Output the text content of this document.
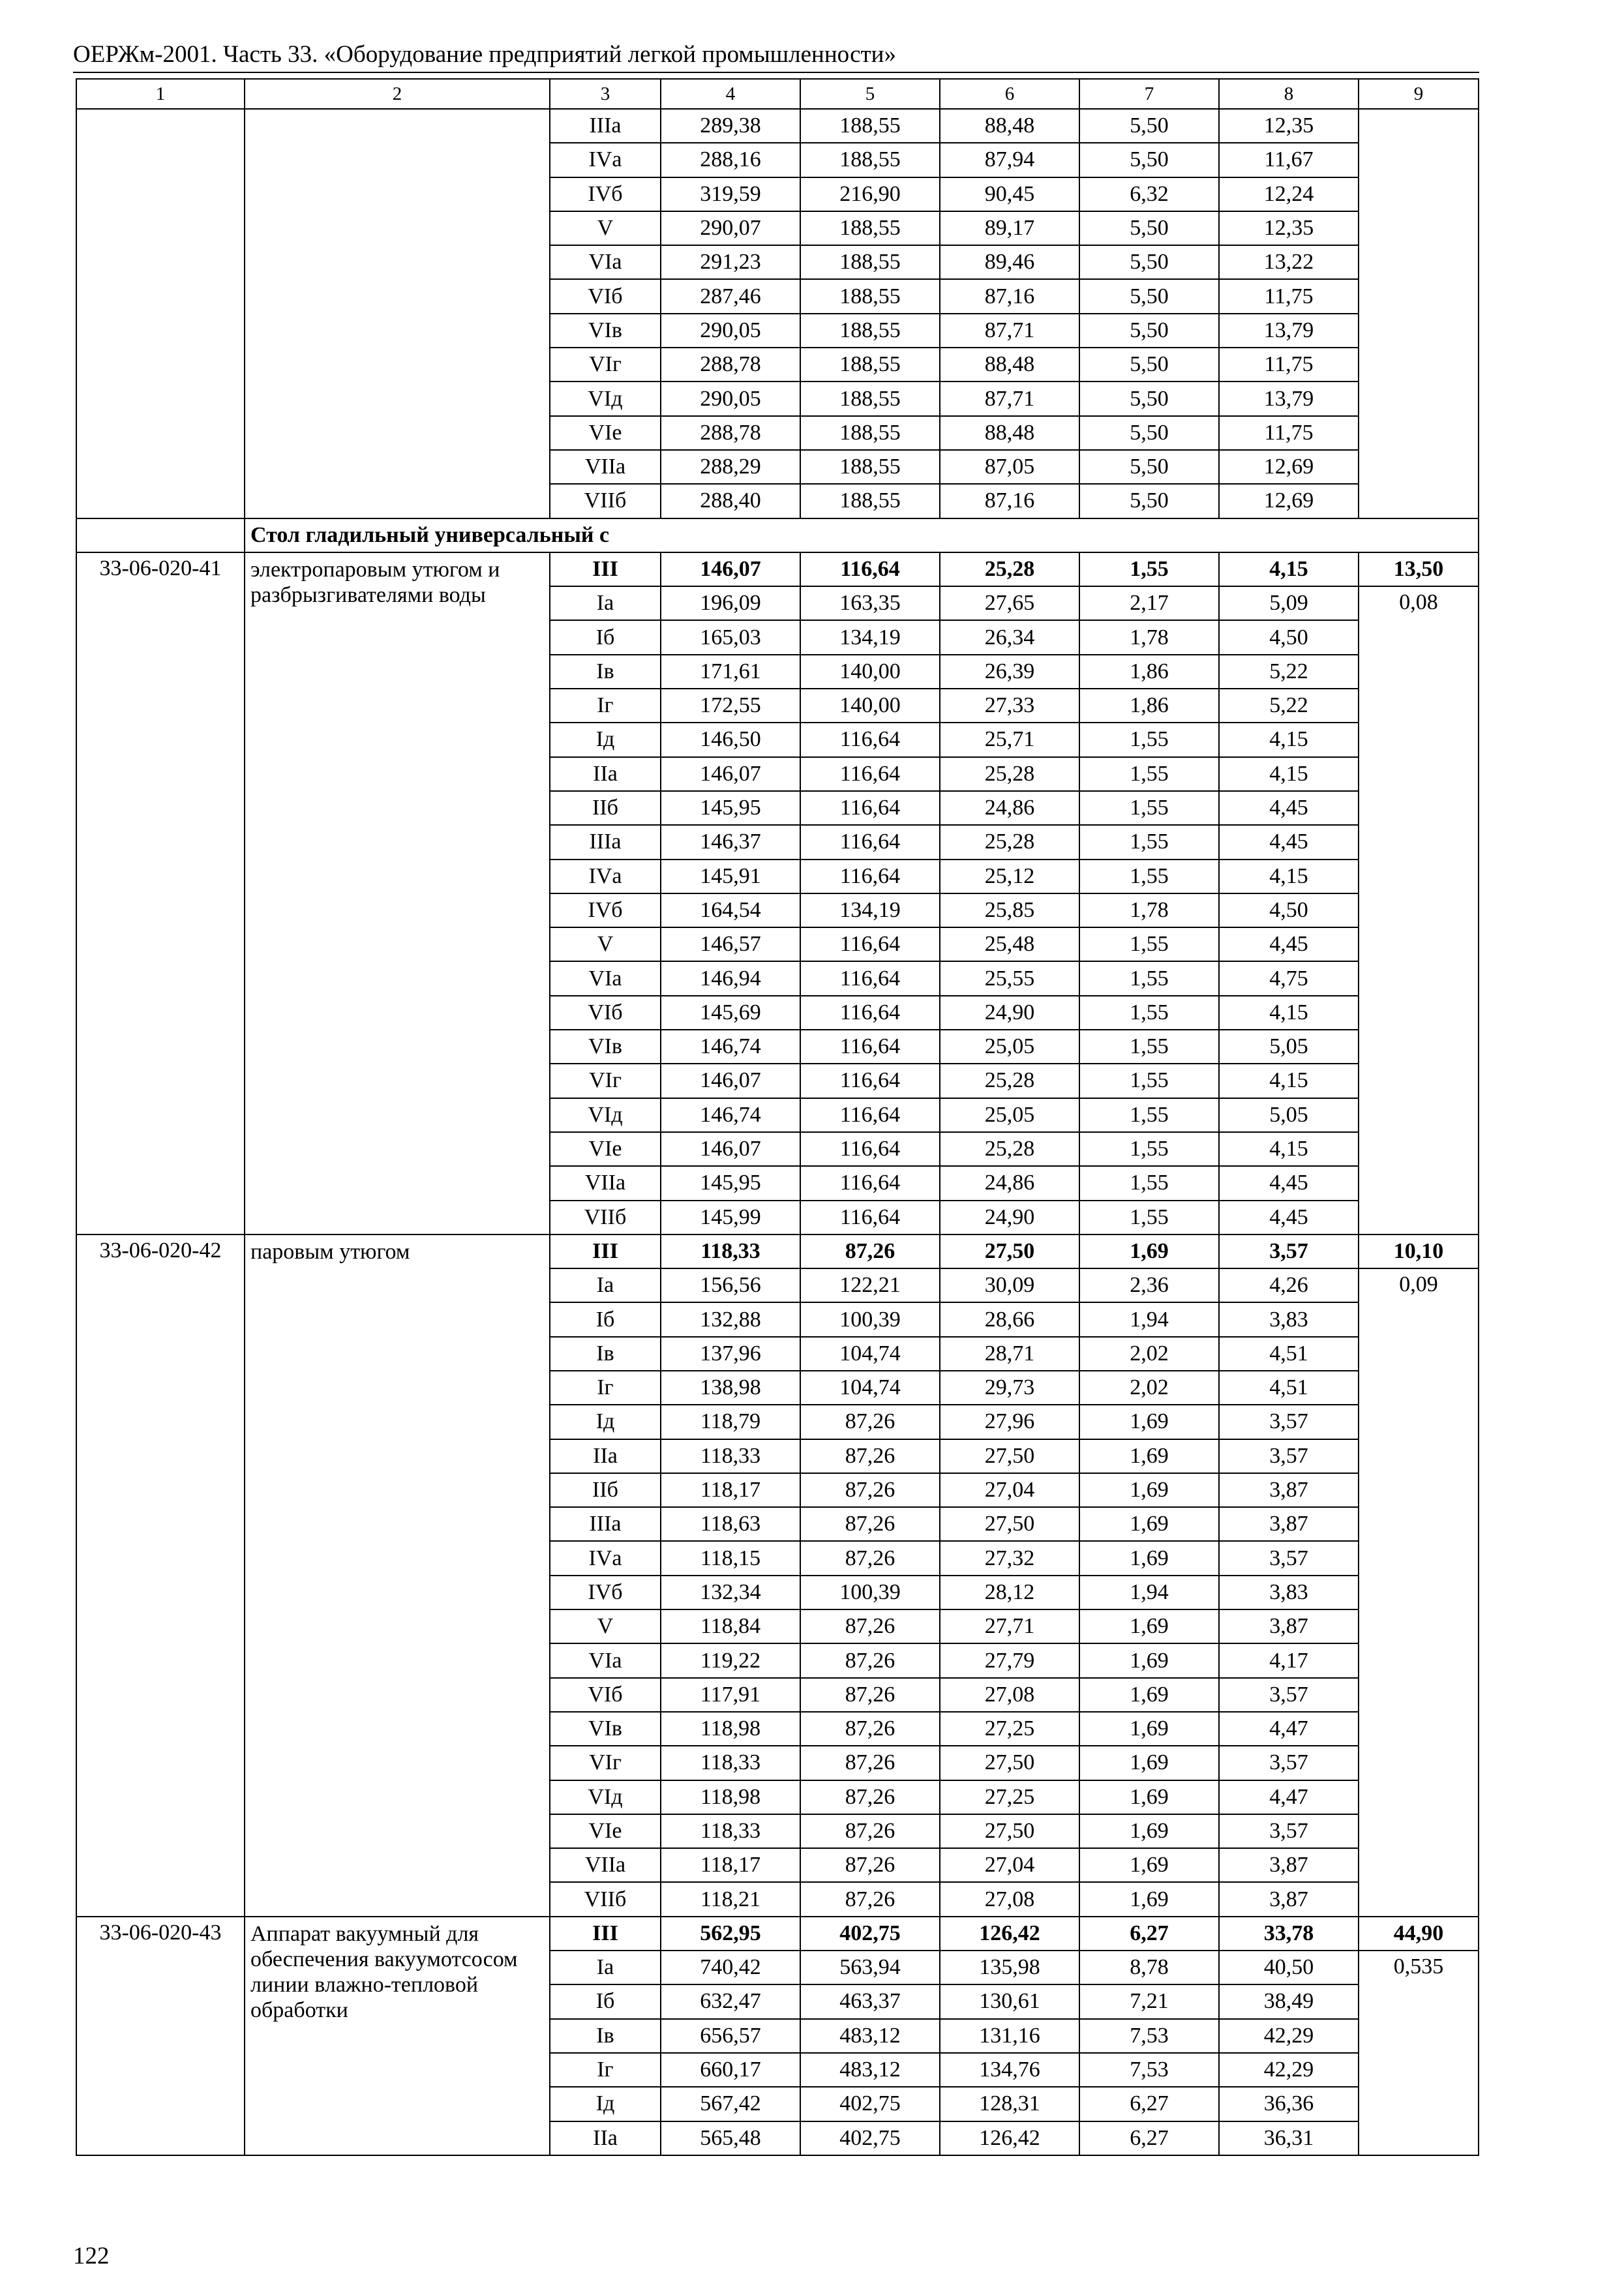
ОЕРЖм-2001. Часть 33. «Оборудование предприятий легкой промышленности»
1	2	3	4	5	6	7	8	9
		IIIа	289,38	188,55	88,48	5,50	12,35	
		IVа	288,16	188,55	87,94	5,50	11,67	
		IVб	319,59	216,90	90,45	6,32	12,24	
		V	290,07	188,55	89,17	5,50	12,35	
		VIа	291,23	188,55	89,46	5,50	13,22	
		VIб	287,46	188,55	87,16	5,50	11,75	
		VIв	290,05	188,55	87,71	5,50	13,79	
		VIг	288,78	188,55	88,48	5,50	11,75	
		VIд	290,05	188,55	87,71	5,50	13,79	
		VIе	288,78	188,55	88,48	5,50	11,75	
		VIIа	288,29	188,55	87,05	5,50	12,69	
		VIIб	288,40	188,55	87,16	5,50	12,69	
	Стол гладильный универсальный с							
33-06-020-41	электропаровым утюгом и разбрызгивателями воды	III	146,07	116,64	25,28	1,55	4,15	13,50
		Iа	196,09	163,35	27,65	2,17	5,09	0,08
		Iб	165,03	134,19	26,34	1,78	4,50	
		Iв	171,61	140,00	26,39	1,86	5,22	
		Iг	172,55	140,00	27,33	1,86	5,22	
		Iд	146,50	116,64	25,71	1,55	4,15	
		IIа	146,07	116,64	25,28	1,55	4,15	
		IIб	145,95	116,64	24,86	1,55	4,45	
		IIIа	146,37	116,64	25,28	1,55	4,45	
		IVа	145,91	116,64	25,12	1,55	4,15	
		IVб	164,54	134,19	25,85	1,78	4,50	
		V	146,57	116,64	25,48	1,55	4,45	
		VIа	146,94	116,64	25,55	1,55	4,75	
		VIб	145,69	116,64	24,90	1,55	4,15	
		VIв	146,74	116,64	25,05	1,55	5,05	
		VIг	146,07	116,64	25,28	1,55	4,15	
		VIд	146,74	116,64	25,05	1,55	5,05	
		VIе	146,07	116,64	25,28	1,55	4,15	
		VIIа	145,95	116,64	24,86	1,55	4,45	
		VIIб	145,99	116,64	24,90	1,55	4,45	
33-06-020-42	паровым утюгом	III	118,33	87,26	27,50	1,69	3,57	10,10
		Iа	156,56	122,21	30,09	2,36	4,26	0,09
		Iб	132,88	100,39	28,66	1,94	3,83	
		Iв	137,96	104,74	28,71	2,02	4,51	
		Iг	138,98	104,74	29,73	2,02	4,51	
		Iд	118,79	87,26	27,96	1,69	3,57	
		IIа	118,33	87,26	27,50	1,69	3,57	
		IIб	118,17	87,26	27,04	1,69	3,87	
		IIIа	118,63	87,26	27,50	1,69	3,87	
		IVа	118,15	87,26	27,32	1,69	3,57	
		IVб	132,34	100,39	28,12	1,94	3,83	
		V	118,84	87,26	27,71	1,69	3,87	
		VIа	119,22	87,26	27,79	1,69	4,17	
		VIб	117,91	87,26	27,08	1,69	3,57	
		VIв	118,98	87,26	27,25	1,69	4,47	
		VIг	118,33	87,26	27,50	1,69	3,57	
		VIд	118,98	87,26	27,25	1,69	4,47	
		VIе	118,33	87,26	27,50	1,69	3,57	
		VIIа	118,17	87,26	27,04	1,69	3,87	
		VIIб	118,21	87,26	27,08	1,69	3,87	
33-06-020-43	Аппарат вакуумный для обеспечения вакуумотсосом линии влажно-тепловой обработки	III	562,95	402,75	126,42	6,27	33,78	44,90
		Iа	740,42	563,94	135,98	8,78	40,50	0,535
		Iб	632,47	463,37	130,61	7,21	38,49	
		Iв	656,57	483,12	131,16	7,53	42,29	
		Iг	660,17	483,12	134,76	7,53	42,29	
		Iд	567,42	402,75	128,31	6,27	36,36	
		IIа	565,48	402,75	126,42	6,27	36,31	
122
